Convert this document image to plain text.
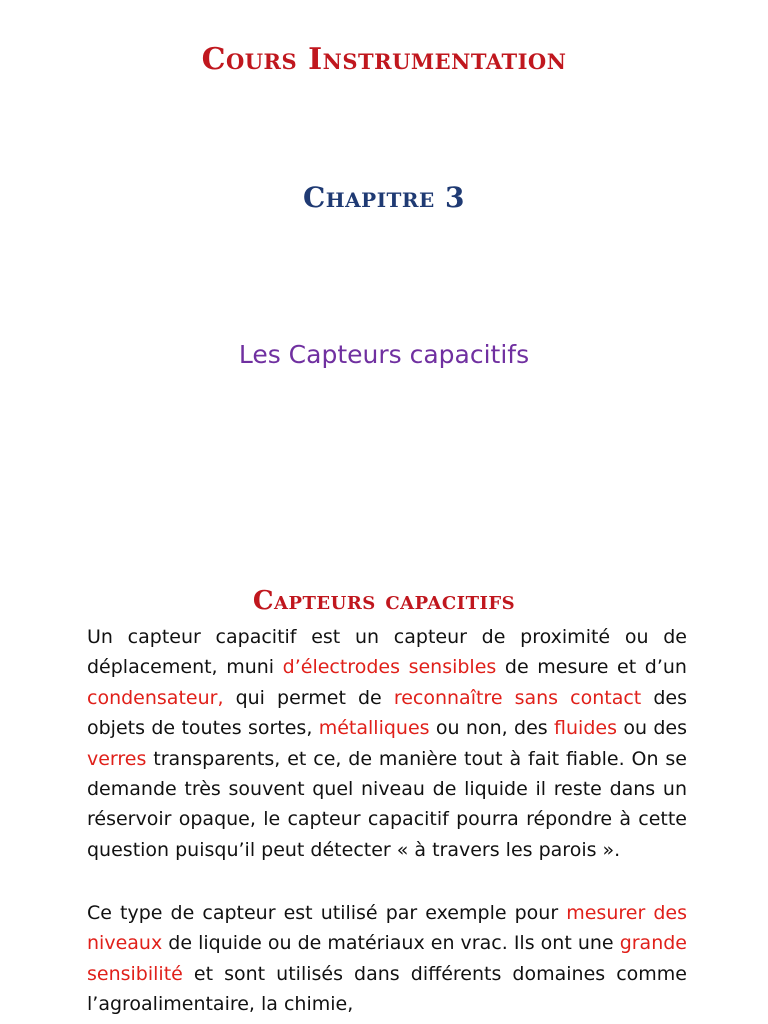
Cours Instrumentation
Chapitre 3
Les Capteurs capacitifs
Capteurs capacitifs

Un capteur capacitif est un capteur de proximité ou de déplacement, muni d’électrodes sensibles de mesure et d’un condensateur, qui permet de reconnaître sans contact des objets de toutes sortes, métalliques ou non, des fluides ou des verres transparents, et ce, de manière tout à fait fiable. On se demande très souvent quel niveau de liquide il reste dans un réservoir opaque, le capteur capacitif pourra répondre à cette question puisqu’il peut détecter « à travers les parois ».

Ce type de capteur est utilisé par exemple pour mesurer des niveaux de liquide ou de matériaux en vrac. Ils ont une grande sensibilité et sont utilisés dans différents domaines comme l’agroalimentaire, la chimie,
